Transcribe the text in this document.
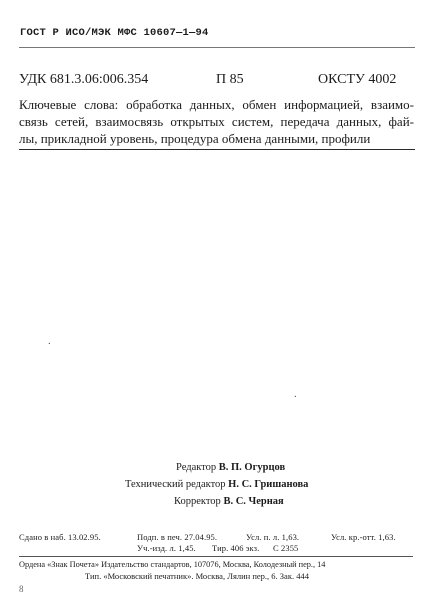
ГОСТ Р ИСО/МЭК МФС 10607—1—94
УДК 681.3.06:006.354	П 85	ОКСТУ 4002
Ключевые слова: обработка данных, обмен информацией, взаимо-
связь сетей, взаимосвязь открытых систем, передача данных, фай-
лы, прикладной уровень, процедура обмена данными, профили
.
.
Редактор В. П. Огурцов
Технический редактор Н. С. Гришанова
Корректор В. С. Черная
Сдано в наб. 13.02.95.	Подп. в печ. 27.04.95.	Усл. п. л. 1,63.	Усл. кр.-отт. 1,63.
Уч.-изд. л. 1,45. Тир. 406 экз. С 2355
Ордена «Знак Почета» Издательство стандартов, 107076, Москва, Колодезный пер., 14
Тип. «Московский печатник». Москва, Лялин пер., 6. Зак. 444
8
